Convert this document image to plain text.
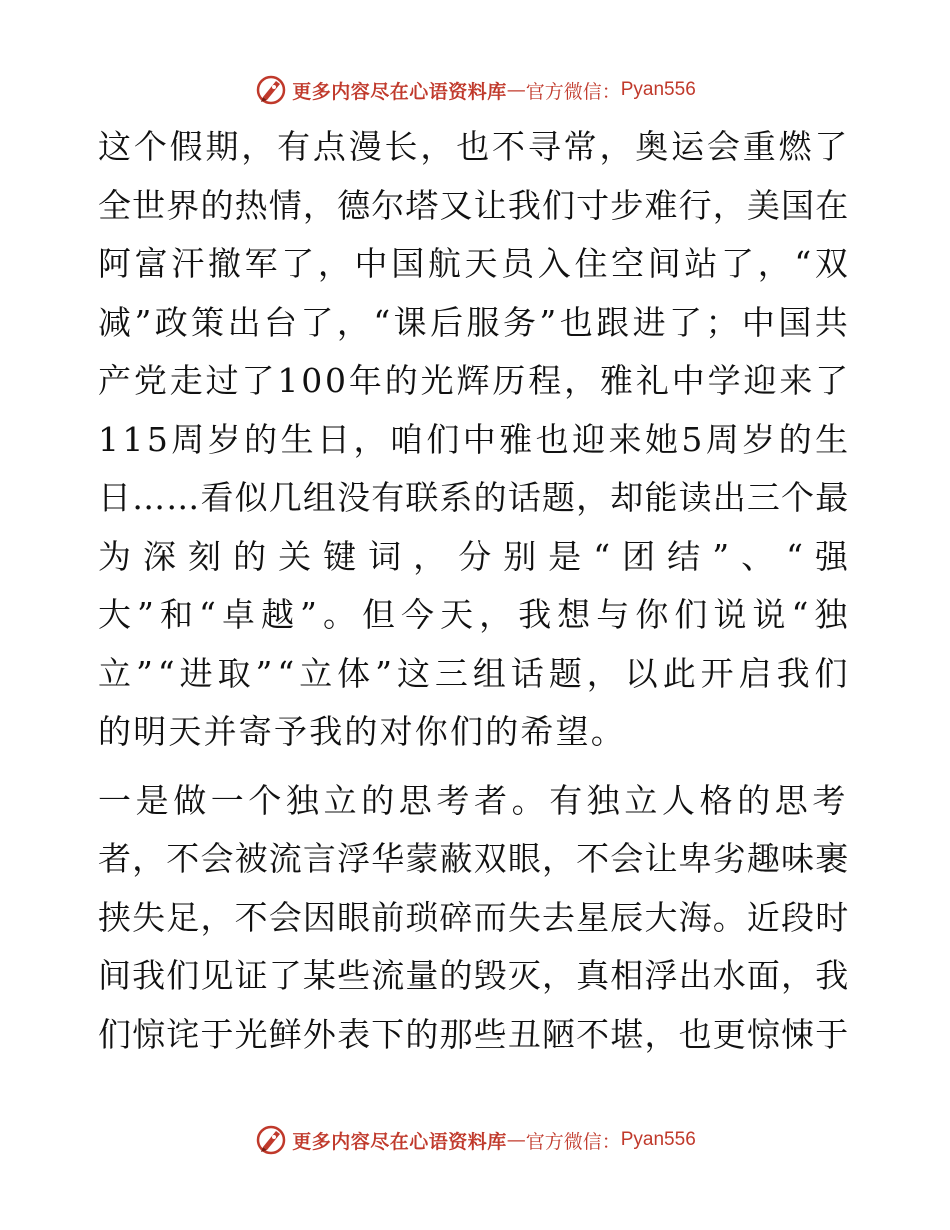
更多内容尽在心语资料库 — 官方微信： Pyan556
这个假期，有点漫长，也不寻常，奥运会重燃了
全世界的热情，德尔塔又让我们寸步难行，美国在
阿富汗撤军了，中国航天员入住空间站了，“双
减”政策出台了，“课后服务”也跟进了；中国共
产党走过了100年的光辉历程，雅礼中学迎来了
115周岁的生日，咱们中雅也迎来她5周岁的生
日……看似几组没有联系的话题，却能读出三个最
为深刻的关键词，分别是“团结”、“强
大”和“卓越”。但今天，我想与你们说说“独
立”“进取”“立体”这三组话题，以此开启我们
的明天并寄予我的对你们的希望。
一是做一个独立的思考者。有独立人格的思考
者，不会被流言浮华蒙蔽双眼，不会让卑劣趣味裹
挟失足，不会因眼前琐碎而失去星辰大海。近段时
间我们见证了某些流量的毁灭，真相浮出水面，我
们惊诧于光鲜外表下的那些丑陋不堪，也更惊悚于
更多内容尽在心语资料库 — 官方微信： Pyan556
